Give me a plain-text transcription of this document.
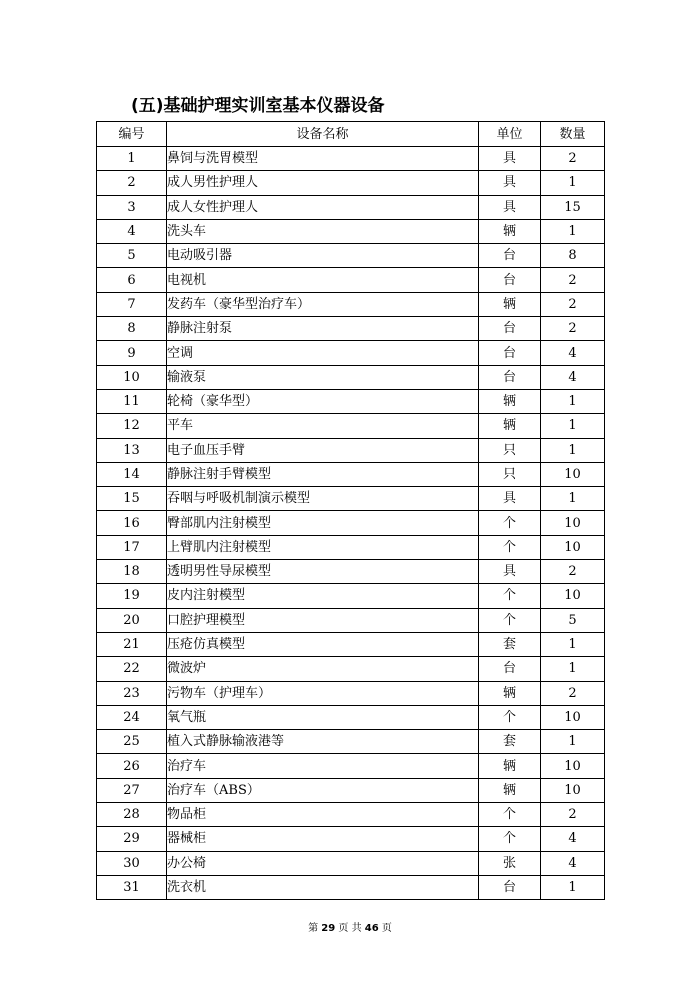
(五)基础护理实训室基本仪器设备
编号	设备名称	单位	数量
1	鼻饲与洗胃模型	具	2
2	成人男性护理人	具	1
3	成人女性护理人	具	15
4	洗头车	辆	1
5	电动吸引器	台	8
6	电视机	台	2
7	发药车（豪华型治疗车）	辆	2
8	静脉注射泵	台	2
9	空调	台	4
10	输液泵	台	4
11	轮椅（豪华型）	辆	1
12	平车	辆	1
13	电子血压手臂	只	1
14	静脉注射手臂模型	只	10
15	吞咽与呼吸机制演示模型	具	1
16	臀部肌内注射模型	个	10
17	上臂肌内注射模型	个	10
18	透明男性导尿模型	具	2
19	皮内注射模型	个	10
20	口腔护理模型	个	5
21	压疮仿真模型	套	1
22	微波炉	台	1
23	污物车（护理车）	辆	2
24	氧气瓶	个	10
25	植入式静脉输液港等	套	1
26	治疗车	辆	10
27	治疗车（ABS）	辆	10
28	物品柜	个	2
29	器械柜	个	4
30	办公椅	张	4
31	洗衣机	台	1
第 29 页 共 46 页
